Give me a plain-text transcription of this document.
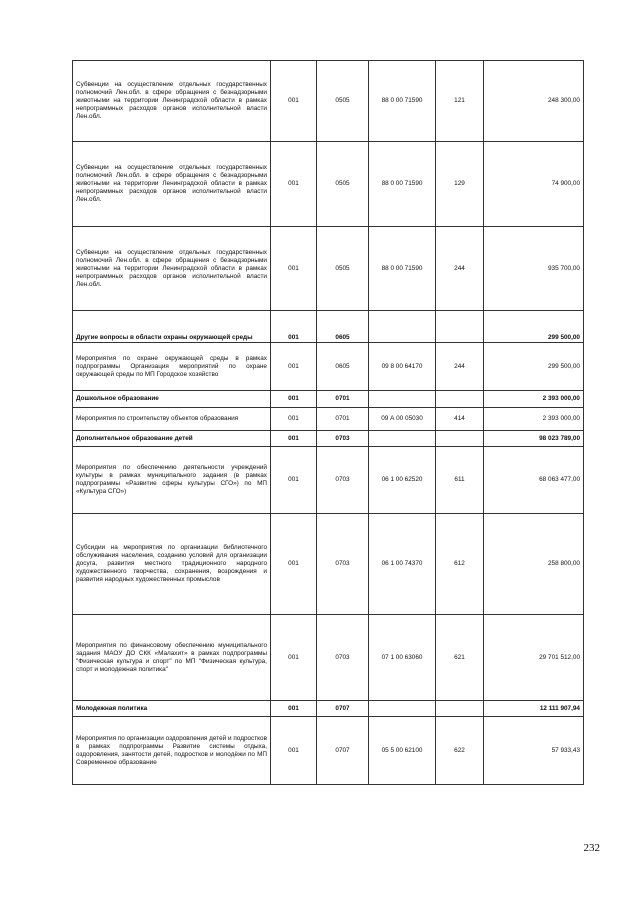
Субвенции на осуществление отдельных государственных полномочий Лен.обл. в сфере обращения с безнадзорными животными на территории Ленинградской области в рамках непрограммных расходов органов исполнительной власти Лен.обл.	001	0505	88 0 00 71590	121	248 300,00
Субвенции на осуществление отдельных государственных полномочий Лен.обл. в сфере обращения с безнадзорными животными на территории Ленинградской области в рамках непрограммных расходов органов исполнительной власти Лен.обл.	001	0505	88 0 00 71590	129	74 900,00
Субвенции на осуществление отдельных государственных полномочий Лен.обл. в сфере обращения с безнадзорными животными на территории Ленинградской области в рамках непрограммных расходов органов исполнительной власти Лен.обл.	001	0505	88 0 00 71590	244	935 700,00
Другие вопросы в области охраны окружающей среды	001	0605			299 500,00
Мероприятия по охране окружающей среды в рамках подпрограммы Организация мероприятий по охране окружающей среды по МП Городское хозяйство	001	0605	09 8 00 64170	244	299 500,00
Дошкольное образование	001	0701			2 393 000,00
Мероприятия по строительству объектов образования	001	0701	09 А 00 05030	414	2 393 000,00
Дополнительное образование детей	001	0703			98 023 789,00
Мероприятия по обеспечению деятельности учреждений культуры в рамках муниципального задания (в рамках подпрограммы «Развитие сферы культуры СГО») по МП «Культура СГО»)	001	0703	06 1 00 62520	611	68 063 477,00
Субсидии на мероприятия по организации библиотечного обслуживания населения, созданию условий для организации досуга, развития местного традиционного народного художественного творчества, сохранения, возрождения и развития народных художественных промыслов	001	0703	06 1 00 74370	612	258 800,00
Мероприятия по финансовому обеспечению муниципального задания МАОУ ДО СКК «Малахит» в рамках подпрограммы "Физическая культура и спорт" по МП "Физическая культура, спорт и молодежная политика"	001	0703	07 1 00 63060	621	29 701 512,00
Молодежная политика	001	0707			12 111 907,94
Мероприятия по организации оздоровления детей и подростков в рамках подпрограммы Развитие системы отдыха, оздоровления, занятости детей, подростков и молодёжи по МП Современное образование	001	0707	05 5 00 62100	622	57 933,43
232
